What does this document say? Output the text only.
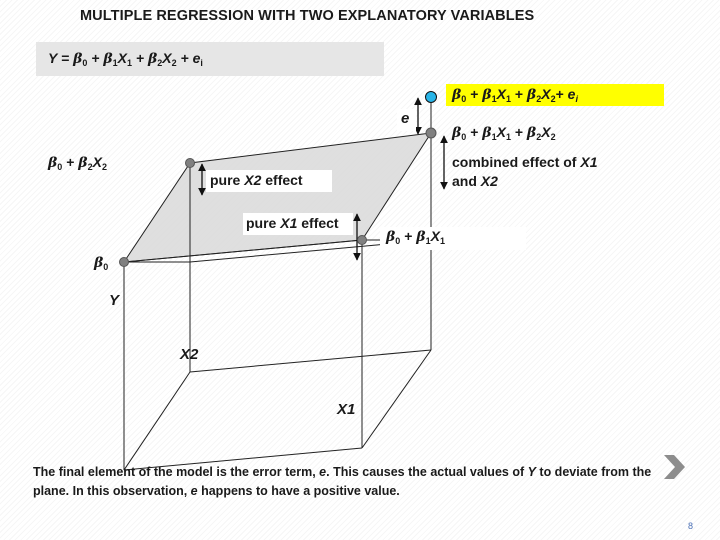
MULTIPLE REGRESSION WITH TWO EXPLANATORY VARIABLES
$Y = \beta_0 + \beta_1X_1 + \beta_2X_2 + e_i$
$\beta_0 + \beta_1X_1 + \beta_2X_2+ e_i$
e
$\beta_0 + \beta_1X_1 + \beta_2X_2$
combined effect of X1
and X2
$\beta_0 + \beta_2X_2$
pure X2 effect
pure X1 effect
$\beta_0 + \beta_1X_1$
$\beta_0$
Y
X2
X1
The final element of the model is the error term, e. This causes the actual values of Y to deviate from the plane. In this observation, e happens to have a positive value.
8
